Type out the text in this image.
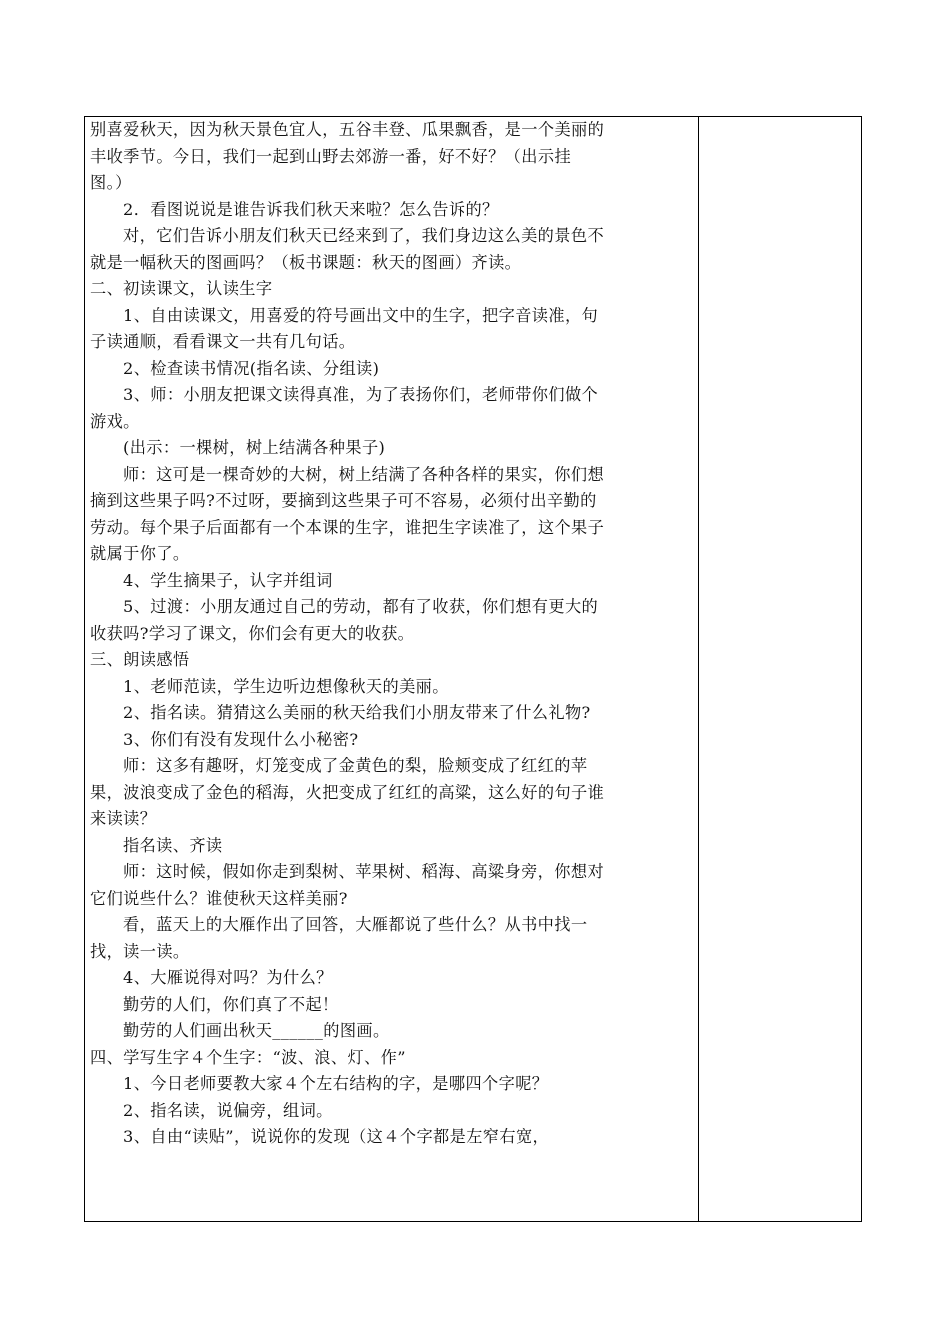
别喜爱秋天，因为秋天景色宜人，五谷丰登、瓜果飘香，是一个美丽的
丰收季节。今日，我们一起到山野去郊游一番，好不好？（出示挂
图。）
2．看图说说是谁告诉我们秋天来啦？怎么告诉的？
对，它们告诉小朋友们秋天已经来到了，我们身边这么美的景色不
就是一幅秋天的图画吗？（板书课题：秋天的图画）齐读。
二、初读课文，认读生字
1、自由读课文，用喜爱的符号画出文中的生字，把字音读准，句
子读通顺，看看课文一共有几句话。
2、检查读书情况(指名读、分组读)
3、师：小朋友把课文读得真准，为了表扬你们，老师带你们做个
游戏。
(出示：一棵树，树上结满各种果子)
师：这可是一棵奇妙的大树，树上结满了各种各样的果实，你们想
摘到这些果子吗?不过呀，要摘到这些果子可不容易，必须付出辛勤的
劳动。每个果子后面都有一个本课的生字，谁把生字读准了，这个果子
就属于你了。
4、学生摘果子，认字并组词
5、过渡：小朋友通过自己的劳动，都有了收获，你们想有更大的
收获吗?学习了课文，你们会有更大的收获。
三、朗读感悟
1、老师范读，学生边听边想像秋天的美丽。
2、指名读。猜猜这么美丽的秋天给我们小朋友带来了什么礼物?
3、你们有没有发现什么小秘密?
师：这多有趣呀，灯笼变成了金黄色的梨，脸颊变成了红红的苹
果，波浪变成了金色的稻海，火把变成了红红的高粱，这么好的句子谁
来读读？
指名读、齐读
师：这时候，假如你走到梨树、苹果树、稻海、高粱身旁，你想对
它们说些什么？谁使秋天这样美丽?
看，蓝天上的大雁作出了回答，大雁都说了些什么？从书中找一
找，读一读。
4、大雁说得对吗？为什么？
勤劳的人们，你们真了不起！
勤劳的人们画出秋天______的图画。
四、学写生字４个生字：“波、浪、灯、作”
1、今日老师要教大家４个左右结构的字，是哪四个字呢？
2、指名读，说偏旁，组词。
3、自由“读贴”，说说你的发现（这４个字都是左窄右宽，
